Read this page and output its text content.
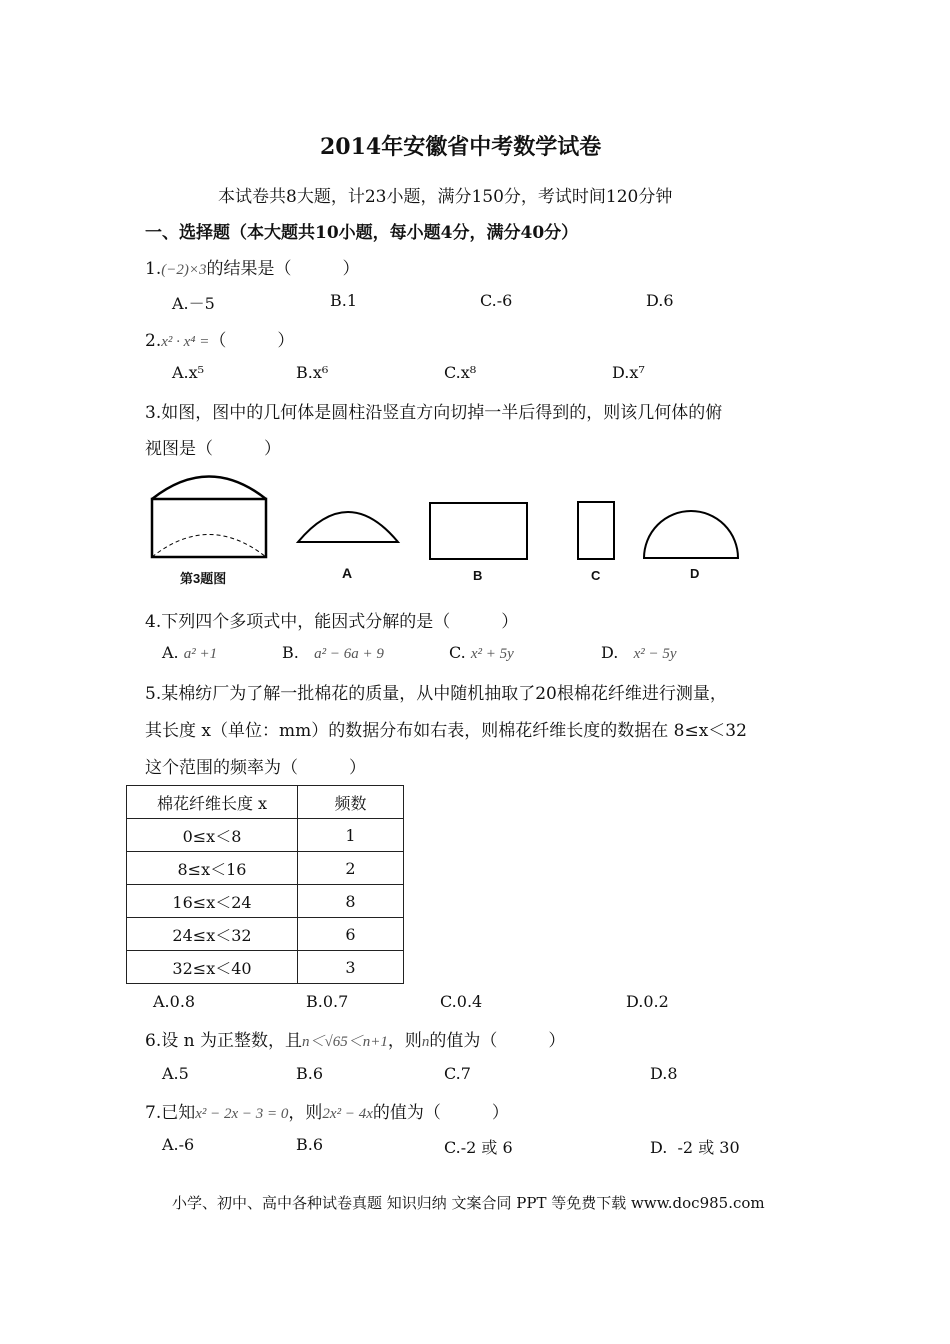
2014年安徽省中考数学试卷
本试卷共8大题，计23小题，满分150分，考试时间120分钟
一、选择题（本大题共10小题，每小题4分，满分40分）
1.(−2)×3的结果是（　　　）
A.－5	B.1	C.-6	D.6
2.x² · x⁴ =（　　　）
A.x⁵	B.x⁶	C.x⁸	D.x⁷
3.如图，图中的几何体是圆柱沿竖直方向切掉一半后得到的，则该几何体的俯
视图是（　　　）
第3题图	A	B	C	D
4.下列四个多项式中，能因式分解的是（　　　）
A. a² +1	B. a² − 6a + 9	C. x² + 5y	D. x² − 5y
5.某棉纺厂为了解一批棉花的质量，从中随机抽取了20根棉花纤维进行测量，
其长度 x（单位：mm）的数据分布如右表，则棉花纤维长度的数据在 8≤x＜32
这个范围的频率为（　　　）
棉花纤维长度 x	频数
0≤x＜8	1
8≤x＜16	2
16≤x＜24	8
24≤x＜32	6
32≤x＜40	3
A.0.8	B.0.7	C.0.4	D.0.2
6.设 n 为正整数，且n＜√65＜n+1，则n的值为（　　　）
A.5	B.6	C.7	D.8
7.已知x² − 2x − 3 = 0，则2x² − 4x的值为（　　　）
A.-6	B.6	C.-2 或 6	D.  -2 或 30
小学、初中、高中各种试卷真题 知识归纳 文案合同 PPT 等免费下载 www.doc985.com
